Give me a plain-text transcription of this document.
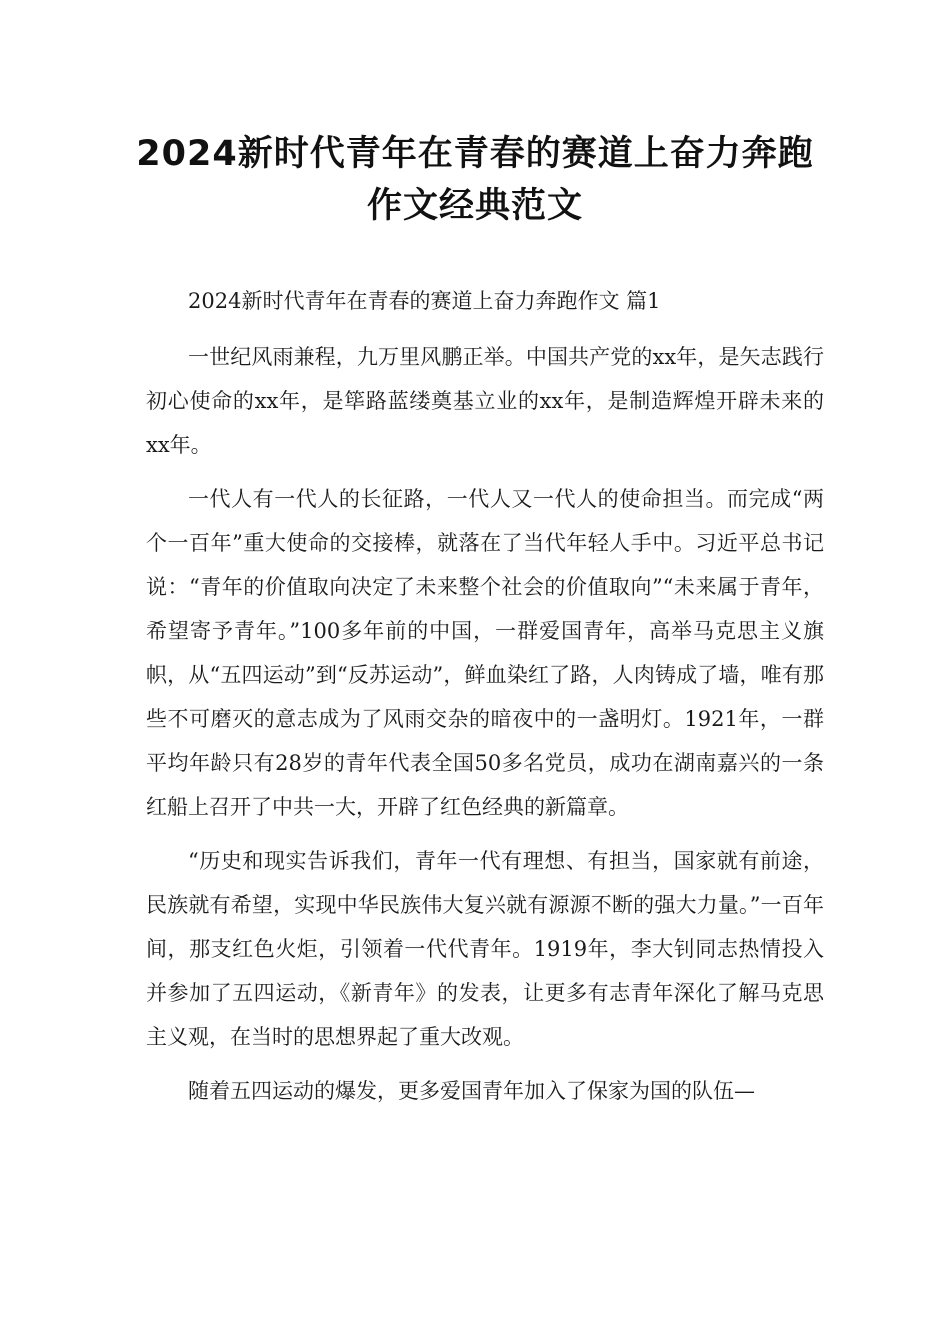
2024新时代青年在青春的赛道上奋力奔跑作文经典范文

2024新时代青年在青春的赛道上奋力奔跑作文 篇1

一世纪风雨兼程，九万里风鹏正举。中国共产党的xx年，是矢志践行初心使命的xx年，是筚路蓝缕奠基立业的xx年，是制造辉煌开辟未来的xx年。

一代人有一代人的长征路，一代人又一代人的使命担当。而完成“两个一百年”重大使命的交接棒，就落在了当代年轻人手中。习近平总书记说：“青年的价值取向决定了未来整个社会的价值取向”“未来属于青年，希望寄予青年。”100多年前的中国，一群爱国青年，高举马克思主义旗帜，从“五四运动”到“反苏运动”，鲜血染红了路，人肉铸成了墙，唯有那些不可磨灭的意志成为了风雨交杂的暗夜中的一盏明灯。1921年，一群平均年龄只有28岁的青年代表全国50多名党员，成功在湖南嘉兴的一条红船上召开了中共一大，开辟了红色经典的新篇章。

“历史和现实告诉我们，青年一代有理想、有担当，国家就有前途，民族就有希望，实现中华民族伟大复兴就有源源不断的强大力量。”一百年间，那支红色火炬，引领着一代代青年。1919年，李大钊同志热情投入并参加了五四运动，《新青年》的发表，让更多有志青年深化了解马克思主义观，在当时的思想界起了重大改观。

随着五四运动的爆发，更多爱国青年加入了保家为国的队伍—
